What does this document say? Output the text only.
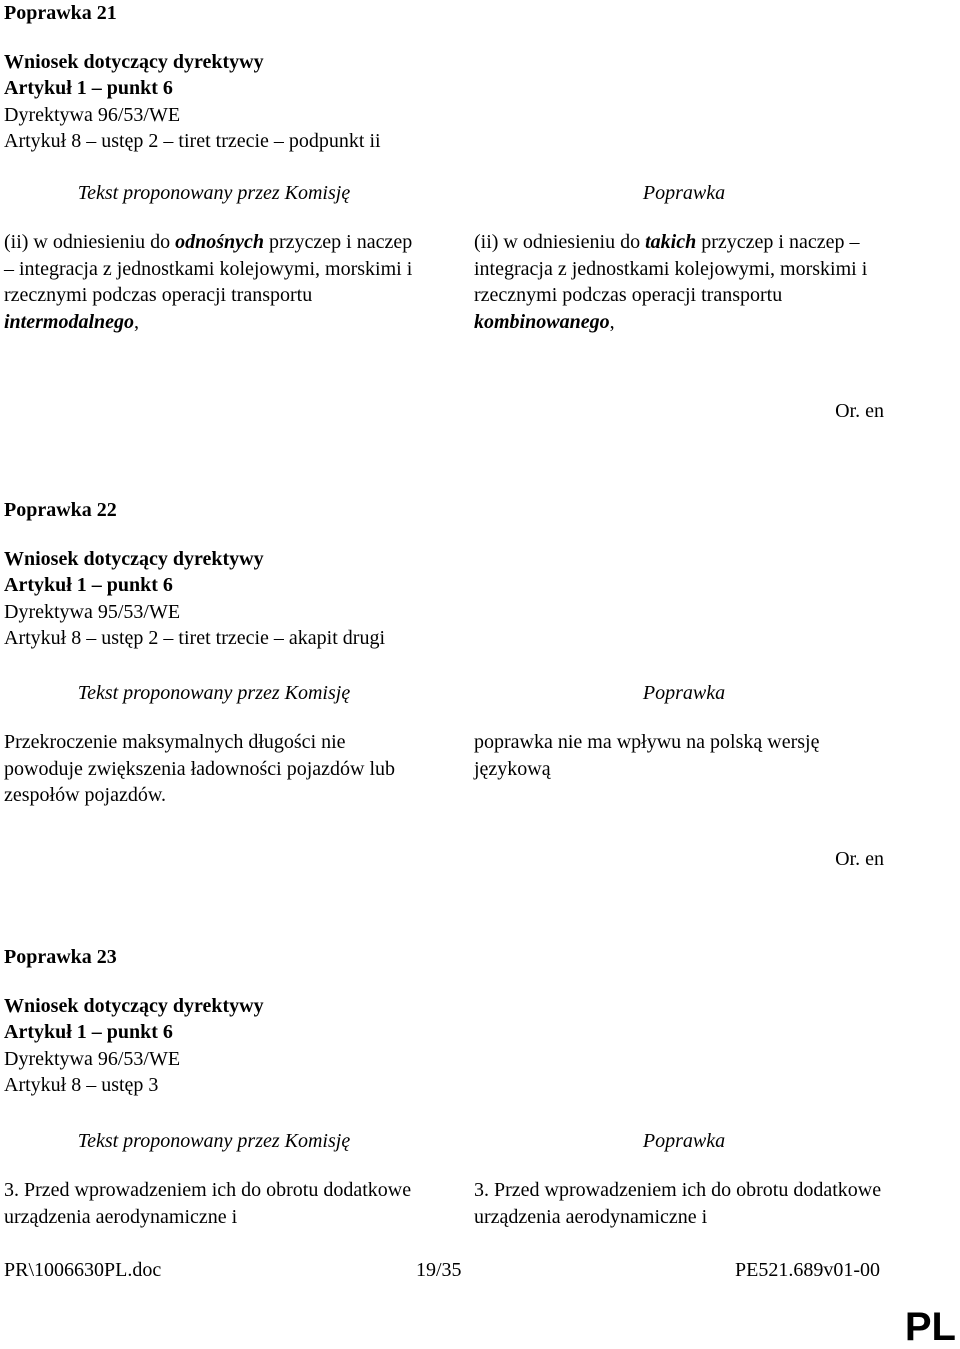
Poprawka 21

Wniosek dotyczący dyrektywy
Artykuł 1 – punkt 6
Dyrektywa 96/53/WE
Artykuł 8 – ustęp 2 – tiret trzecie – podpunkt ii

Tekst proponowany przez Komisję

(ii) w odniesieniu do odnośnych przyczep i naczep – integracja z jednostkami kolejowymi, morskimi i rzecznymi podczas operacji transportu intermodalnego,

Poprawka

(ii) w odniesieniu do takich przyczep i naczep – integracja z jednostkami kolejowymi, morskimi i rzecznymi podczas operacji transportu kombinowanego,

Or. en

Poprawka 22

Wniosek dotyczący dyrektywy
Artykuł 1 – punkt 6
Dyrektywa 95/53/WE
Artykuł 8 – ustęp 2 – tiret trzecie – akapit drugi

Tekst proponowany przez Komisję

Przekroczenie maksymalnych długości nie powoduje zwiększenia ładowności pojazdów lub zespołów pojazdów.

Poprawka

poprawka nie ma wpływu na polską wersję językową

Or. en

Poprawka 23

Wniosek dotyczący dyrektywy
Artykuł 1 – punkt 6
Dyrektywa 96/53/WE
Artykuł 8 – ustęp 3

Tekst proponowany przez Komisję

3. Przed wprowadzeniem ich do obrotu dodatkowe urządzenia aerodynamiczne i

Poprawka

3. Przed wprowadzeniem ich do obrotu dodatkowe urządzenia aerodynamiczne i

PR\1006630PL.doc	19/35	PE521.689v01-00
PL
